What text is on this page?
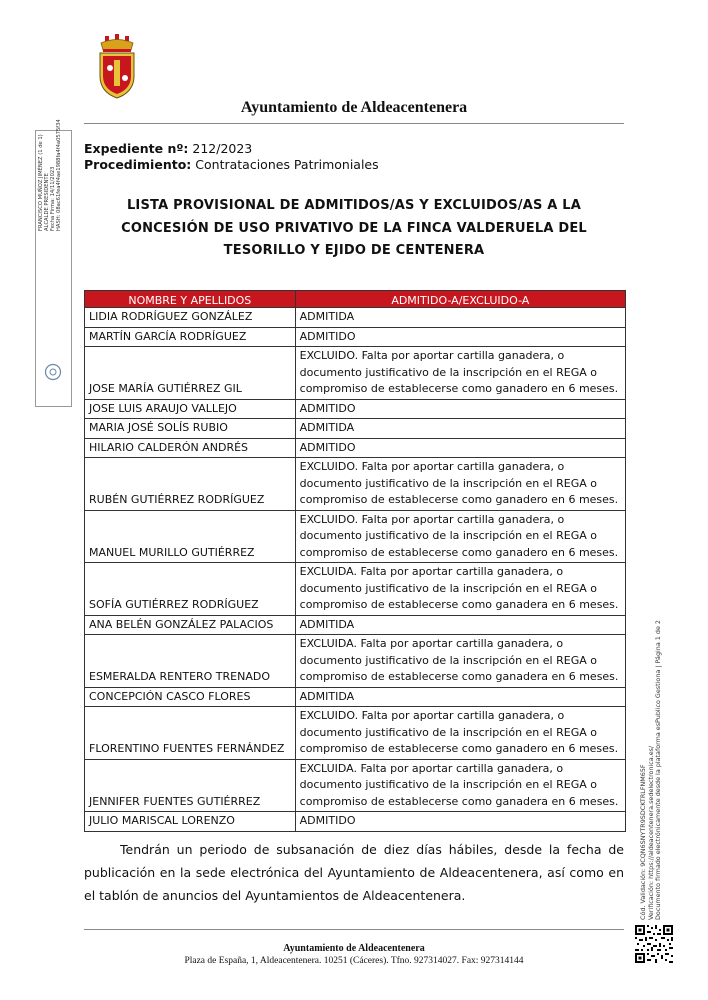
Ayuntamiento de Aldeacentenera
FRANCISCO MUÑOZ JIMÉNEZ (1 de 1) ALCALDE PRESIDENTE Fecha Firma: 14/11/2023 HASH: 08ac61fea4f4ae1988fa4f4a0575f34 Expediente nº: 212/2023
Procedimiento: Contrataciones Patrimoniales
LISTA PROVISIONAL DE ADMITIDOS/AS Y EXCLUIDOS/AS A LA
CONCESIÓN DE USO PRIVATIVO DE LA FINCA VALDERUELA DEL
TESORILLO Y EJIDO DE CENTENERA
NOMBRE Y APELLIDOS	ADMITIDO-A/EXCLUIDO-A
LIDIA RODRÍGUEZ GONZÁLEZ	ADMITIDA
MARTÍN GARCÍA RODRÍGUEZ	ADMITIDO
JOSE MARÍA GUTIÉRREZ GIL	EXCLUIDO. Falta por aportar cartilla ganadera, o documento justificativo de la inscripción en el REGA o compromiso de establecerse como ganadero en 6 meses.
JOSE LUIS ARAUJO VALLEJO	ADMITIDO
MARIA JOSÉ SOLÍS RUBIO	ADMITIDA
HILARIO CALDERÓN ANDRÉS	ADMITIDO
RUBÉN GUTIÉRREZ RODRÍGUEZ	EXCLUIDO. Falta por aportar cartilla ganadera, o documento justificativo de la inscripción en el REGA o compromiso de establecerse como ganadero en 6 meses.
MANUEL MURILLO GUTIÉRREZ	EXCLUIDO. Falta por aportar cartilla ganadera, o documento justificativo de la inscripción en el REGA o compromiso de establecerse como ganadero en 6 meses.
SOFÍA GUTIÉRREZ RODRÍGUEZ	EXCLUIDA. Falta por aportar cartilla ganadera, o documento justificativo de la inscripción en el REGA o compromiso de establecerse como ganadera en 6 meses.
ANA BELÉN GONZÁLEZ PALACIOS	ADMITIDA
ESMERALDA RENTERO TRENADO	EXCLUIDA. Falta por aportar cartilla ganadera, o documento justificativo de la inscripción en el REGA o compromiso de establecerse como ganadera en 6 meses.
CONCEPCIÓN CASCO FLORES	ADMITIDA
FLORENTINO FUENTES FERNÁNDEZ	EXCLUIDO. Falta por aportar cartilla ganadera, o documento justificativo de la inscripción en el REGA o compromiso de establecerse como ganadero en 6 meses.
JENNIFER FUENTES GUTIÉRREZ	EXCLUIDA. Falta por aportar cartilla ganadera, o documento justificativo de la inscripción en el REGA o compromiso de establecerse como ganadera en 6 meses.
JULIO MARISCAL LORENZO	ADMITIDO
Tendrán un periodo de subsanación de diez días hábiles, desde la fecha de publicación en la sede electrónica del Ayuntamiento de Aldeacentenera, así como en el tablón de anuncios del Ayuntamientos de Aldeacentenera.	Cód. Validación: 9CQN6SNYTR9SDCKTRLFNM65F Verificación: https://aldeacentenera.sedelectronica.es/ Documento firmado electrónicamente desde la plataforma esPublico Gestiona | Página 1 de 2
Ayuntamiento de Aldeacentenera
Plaza de España, 1, Aldeacentenera. 10251 (Cáceres). Tfno. 927314027. Fax: 927314144
